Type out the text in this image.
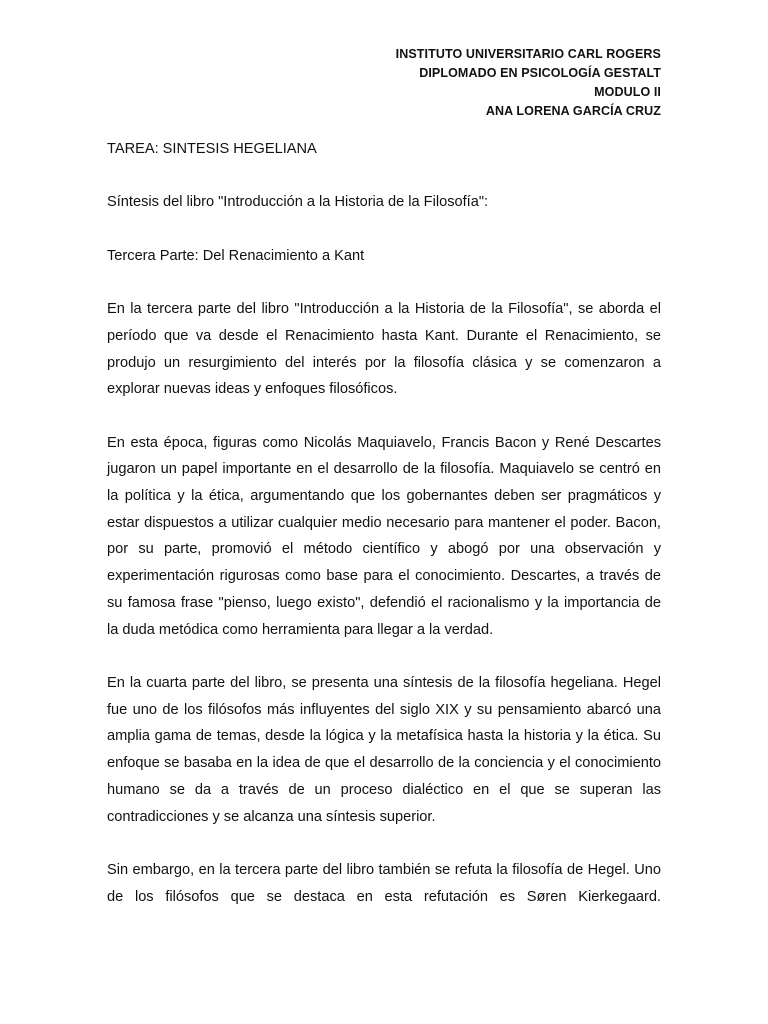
INSTITUTO UNIVERSITARIO CARL ROGERS
DIPLOMADO EN PSICOLOGÍA GESTALT
MODULO II
ANA LORENA GARCÍA CRUZ
TAREA: SINTESIS HEGELIANA
Síntesis del libro "Introducción a la Historia de la Filosofía":
Tercera Parte: Del Renacimiento a Kant

En la tercera parte del libro "Introducción a la Historia de la Filosofía", se aborda el período que va desde el Renacimiento hasta Kant. Durante el Renacimiento, se produjo un resurgimiento del interés por la filosofía clásica y se comenzaron a explorar nuevas ideas y enfoques filosóficos.

En esta época, figuras como Nicolás Maquiavelo, Francis Bacon y René Descartes jugaron un papel importante en el desarrollo de la filosofía. Maquiavelo se centró en la política y la ética, argumentando que los gobernantes deben ser pragmáticos y estar dispuestos a utilizar cualquier medio necesario para mantener el poder. Bacon, por su parte, promovió el método científico y abogó por una observación y experimentación rigurosas como base para el conocimiento. Descartes, a través de su famosa frase "pienso, luego existo", defendió el racionalismo y la importancia de la duda metódica como herramienta para llegar a la verdad.

En la cuarta parte del libro, se presenta una síntesis de la filosofía hegeliana. Hegel fue uno de los filósofos más influyentes del siglo XIX y su pensamiento abarcó una amplia gama de temas, desde la lógica y la metafísica hasta la historia y la ética. Su enfoque se basaba en la idea de que el desarrollo de la conciencia y el conocimiento humano se da a través de un proceso dialéctico en el que se superan las contradicciones y se alcanza una síntesis superior.

Sin embargo, en la tercera parte del libro también se refuta la filosofía de Hegel. Uno de los filósofos que se destaca en esta refutación es Søren Kierkegaard.
